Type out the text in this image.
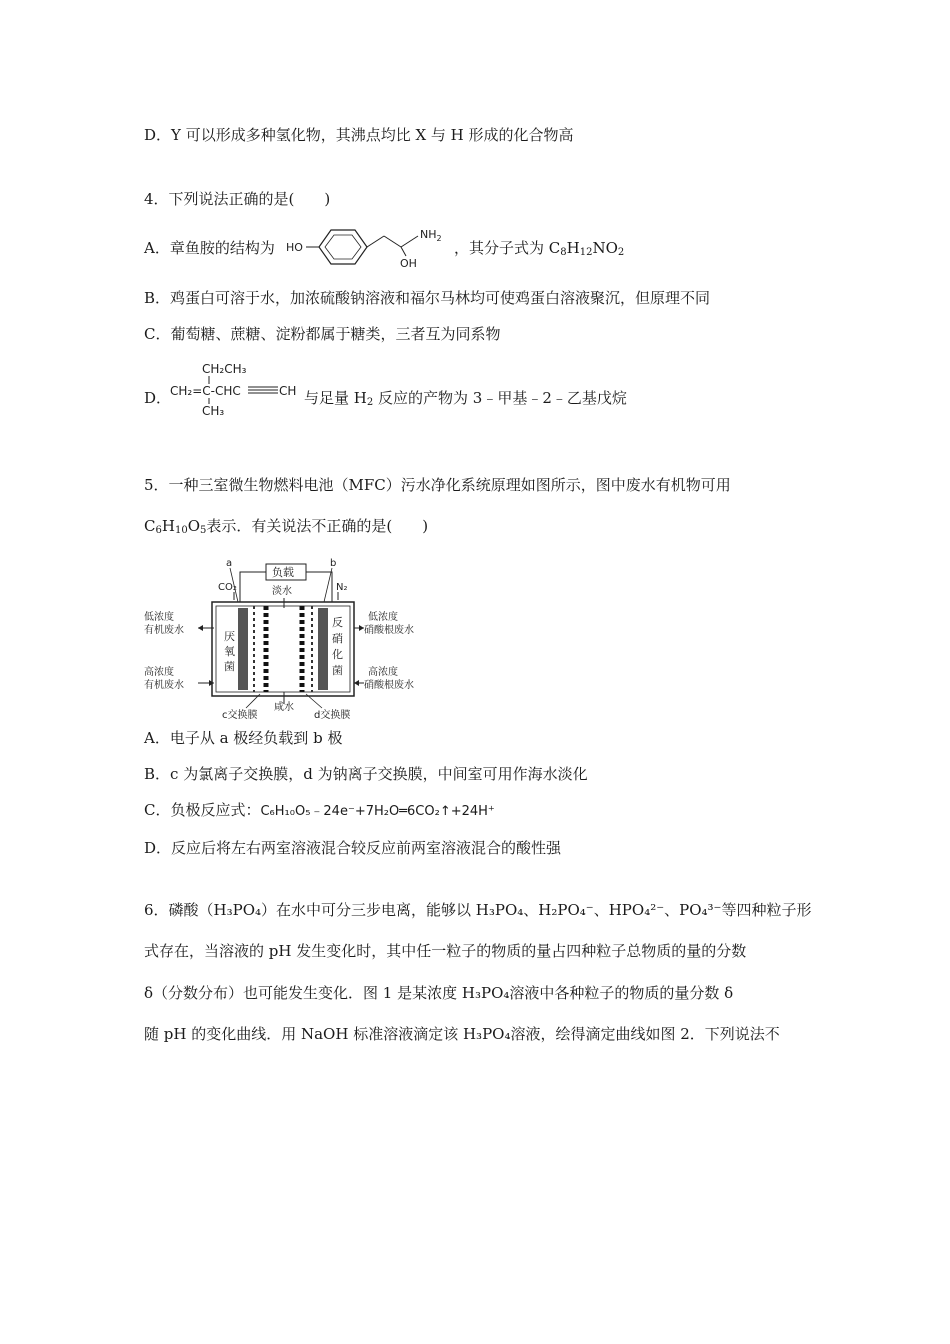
D．Y 可以形成多种氢化物，其沸点均比 X 与 H 形成的化合物高
4．下列说法正确的是(　　)
A．章鱼胺的结构为 HO
$NH_2$
OH
，其分子式为 $C_8H_{12}NO_2$
B．鸡蛋白可溶于水，加浓硫酸钠溶液和福尔马林均可使鸡蛋白溶液聚沉，但原理不同
C．葡萄糖、蔗糖、淀粉都属于糖类，三者互为同系物
D．
CH₂CH₃
CH₂=C-CHC	CH
CH₃
与足量 $H_2$ 反应的产物为 3﹣甲基﹣2﹣乙基戊烷
5．一种三室微生物燃料电池（MFC）污水净化系统原理如图所示，图中废水有机物可用
$C_6H_{10}O_5$表示．有关说法不正确的是(　　)
a	b
负载
CO₂	N₂
淡水
厌
氧
菌
反
硝
化
菌
低浓度
有机废水
高浓度
有机废水
低浓度
硝酸根废水
高浓度
硝酸根废水
咸水
c交换膜	d交换膜
A．电子从 a 极经负载到 b 极
B．c 为氯离子交换膜，d 为钠离子交换膜，中间室可用作海水淡化
C．负极反应式：C₆H₁₀O₅﹣24e⁻+7H₂O═6CO₂↑+24H⁺
D．反应后将左右两室溶液混合较反应前两室溶液混合的酸性强
6．磷酸（H₃PO₄）在水中可分三步电离，能够以 H₃PO₄、H₂PO₄⁻、HPO₄²⁻、PO₄³⁻等四种粒子形
式存在，当溶液的 pH 发生变化时，其中任一粒子的物质的量占四种粒子总物质的量的分数
δ（分数分布）也可能发生变化．图 1 是某浓度 H₃PO₄溶液中各种粒子的物质的量分数 δ
随 pH 的变化曲线．用 NaOH 标准溶液滴定该 H₃PO₄溶液，绘得滴定曲线如图 2．下列说法不
